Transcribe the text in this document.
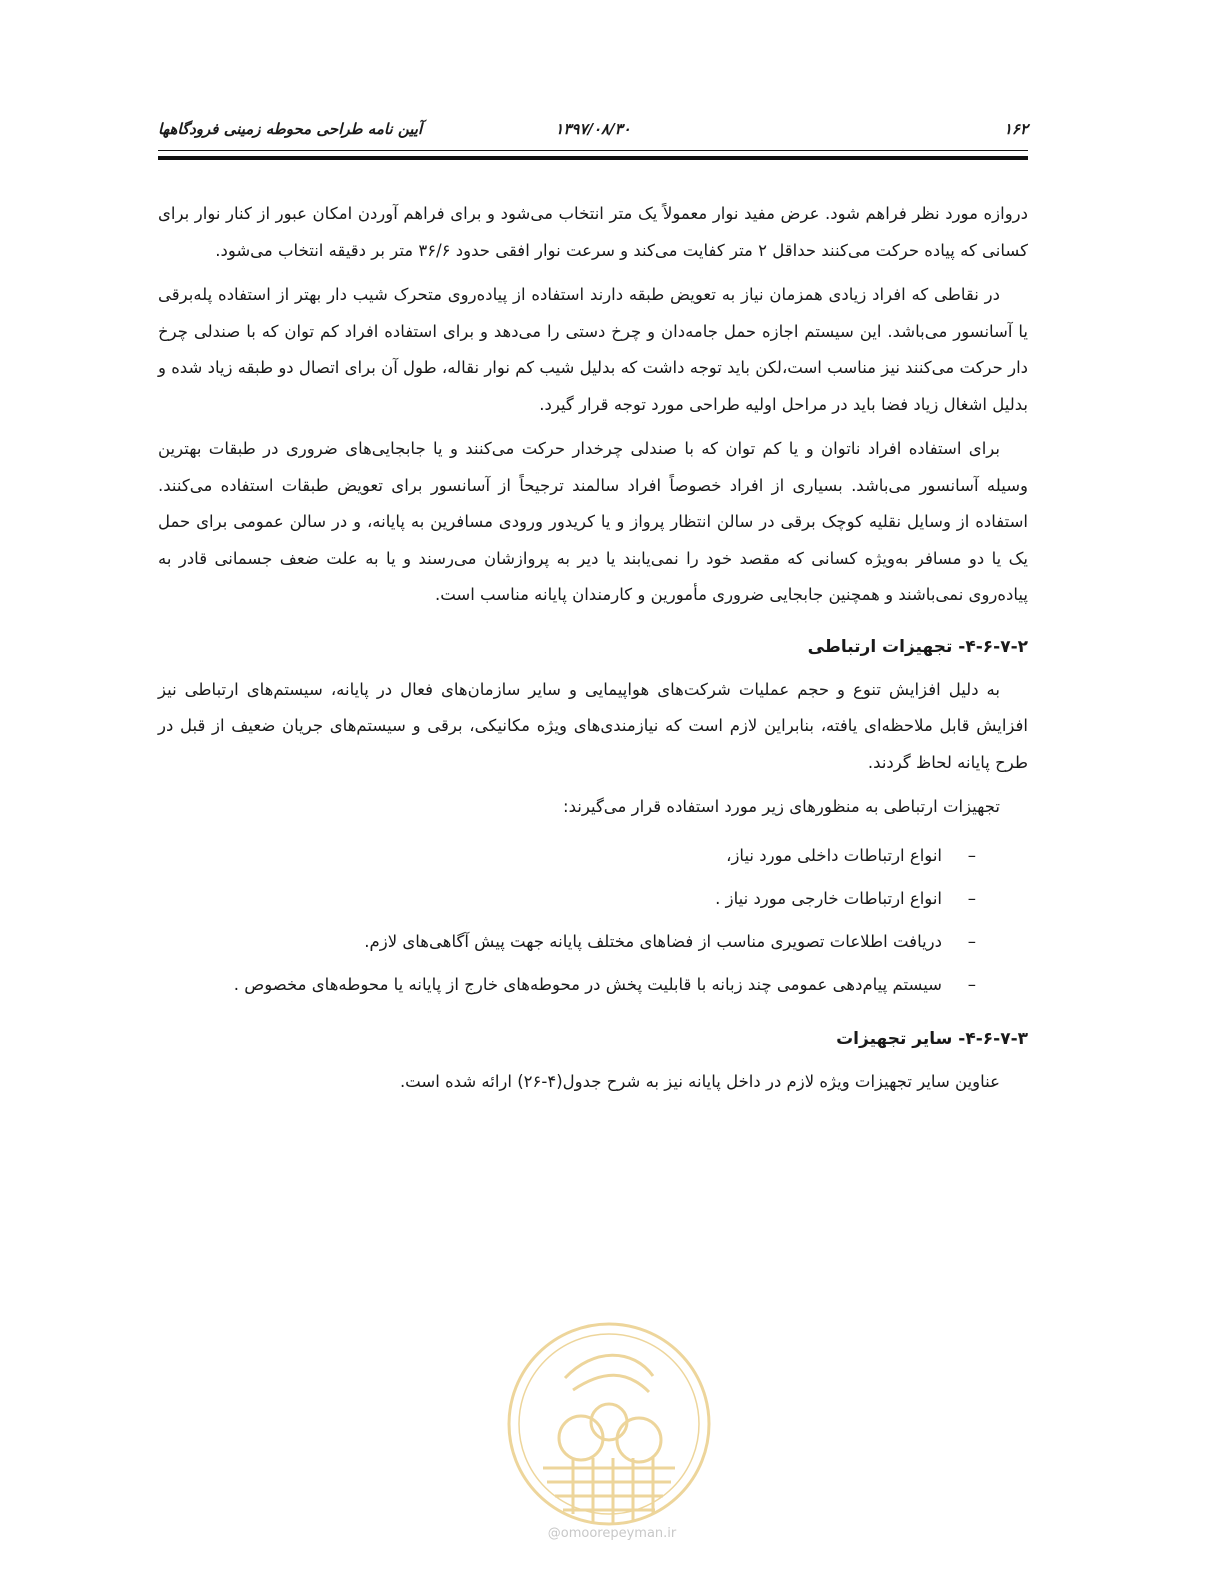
۱۶۲
۱۳۹۷/۰۸/۳۰
آیین نامه طراحی محوطه زمینی فرودگاهها

دروازه مورد نظر فراهم شود. عرض مفید نوار معمولاً یک متر انتخاب می‌شود و برای فراهم آوردن امکان عبور از کنار نوار برای کسانی که پیاده حرکت می‌کنند حداقل ۲ متر کفایت می‌کند و سرعت نوار افقی حدود ۳۶/۶ متر بر دقیقه انتخاب می‌شود.

در نقاطی که افراد زیادی همزمان نیاز به تعویض طبقه دارند استفاده از پیاده‌روی متحرک شیب دار بهتر از استفاده پله‌برقی یا آسانسور می‌باشد. این سیستم اجازه حمل جامه‌دان و چرخ دستی را می‌دهد و برای استفاده افراد کم توان که با صندلی چرخ دار حرکت می‌کنند نیز مناسب است،لکن باید توجه داشت که بدلیل شیب کم نوار نقاله، طول آن برای اتصال دو طبقه زیاد شده و بدلیل اشغال زیاد فضا باید در مراحل اولیه طراحی مورد توجه قرار گیرد.

برای استفاده افراد ناتوان و یا کم توان که با صندلی چرخدار حرکت می‌کنند و یا جابجایی‌های ضروری در طبقات بهترین وسیله آسانسور می‌باشد. بسیاری از افراد خصوصاً افراد سالمند ترجیحاً از آسانسور برای تعویض طبقات استفاده می‌کنند. استفاده از وسایل نقلیه کوچک برقی در سالن انتظار پرواز و یا کریدور ورودی مسافرین به پایانه، و در سالن عمومی برای حمل یک یا دو مسافر به‌ویژه کسانی که مقصد خود را نمی‌یابند یا دیر به پروازشان می‌رسند و یا به علت ضعف جسمانی قادر به پیاده‌روی نمی‌باشند و همچنین جابجایی ضروری مأمورین و کارمندان پایانه مناسب است.

۴-۶-۷-۲- تجهیزات ارتباطی

به دلیل افزایش تنوع و حجم عملیات شرکت‌های هواپیمایی و سایر سازمان‌های فعال در پایانه، سیستم‌های ارتباطی نیز افزایش قابل ملاحظه‌ای یافته، بنابراین لازم است که نیازمندی‌های ویژه مکانیکی، برقی و سیستم‌های جریان ضعیف از قبل در طرح پایانه لحاظ گردند.

تجهیزات ارتباطی به منظورهای زیر مورد استفاده قرار می‌گیرند:

– انواع ارتباطات داخلی مورد نیاز،
– انواع ارتباطات خارجی مورد نیاز .
– دریافت اطلاعات تصویری مناسب از فضاهای مختلف پایانه جهت پیش آگاهی‌های لازم.
– سیستم پیام‌دهی عمومی چند زبانه با قابلیت پخش در محوطه‌های خارج از پایانه یا محوطه‌های مخصوص .
۴-۶-۷-۳- سایر تجهیزات

عناوین سایر تجهیزات ویژه لازم در داخل پایانه نیز به شرح جدول(۴-۲۶) ارائه شده است.

@omoorepeyman.ir
